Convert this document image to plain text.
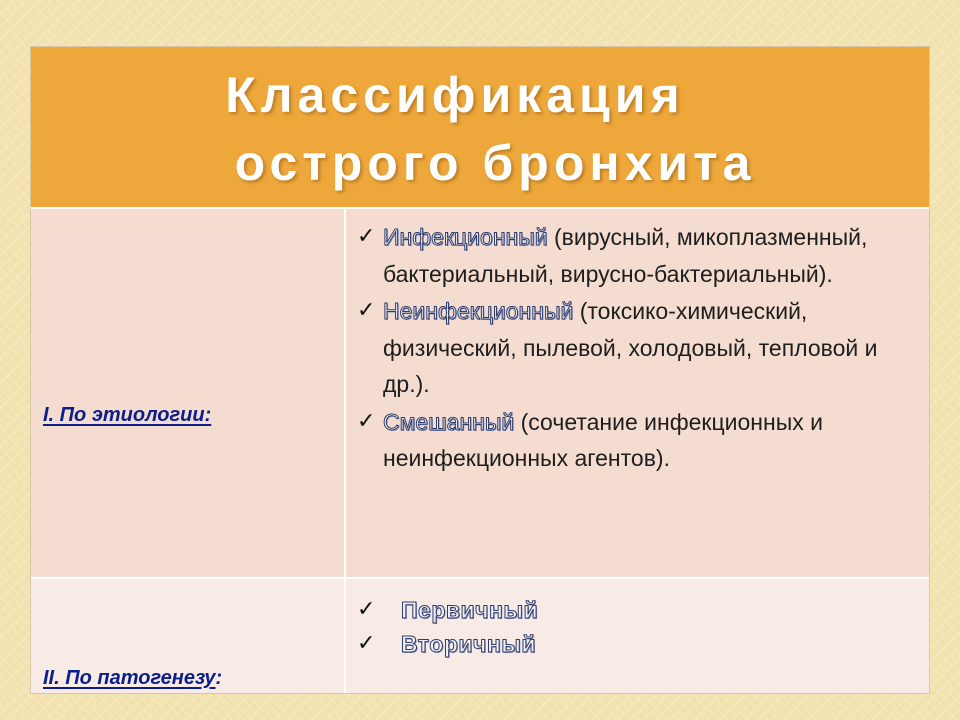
Классификация
острого бронхита
I. По этиологии:
✓ Инфекционный (вирусный, микоплазменный, бактериальный, вирусно-бактериальный).
✓ Неинфекционный (токсико-химический, физический, пылевой, холодовый, тепловой и др.).
✓ Смешанный (сочетание инфекционных и неинфекционных агентов).
II. По патогенезу:
✓ Первичный
✓ Вторичный
